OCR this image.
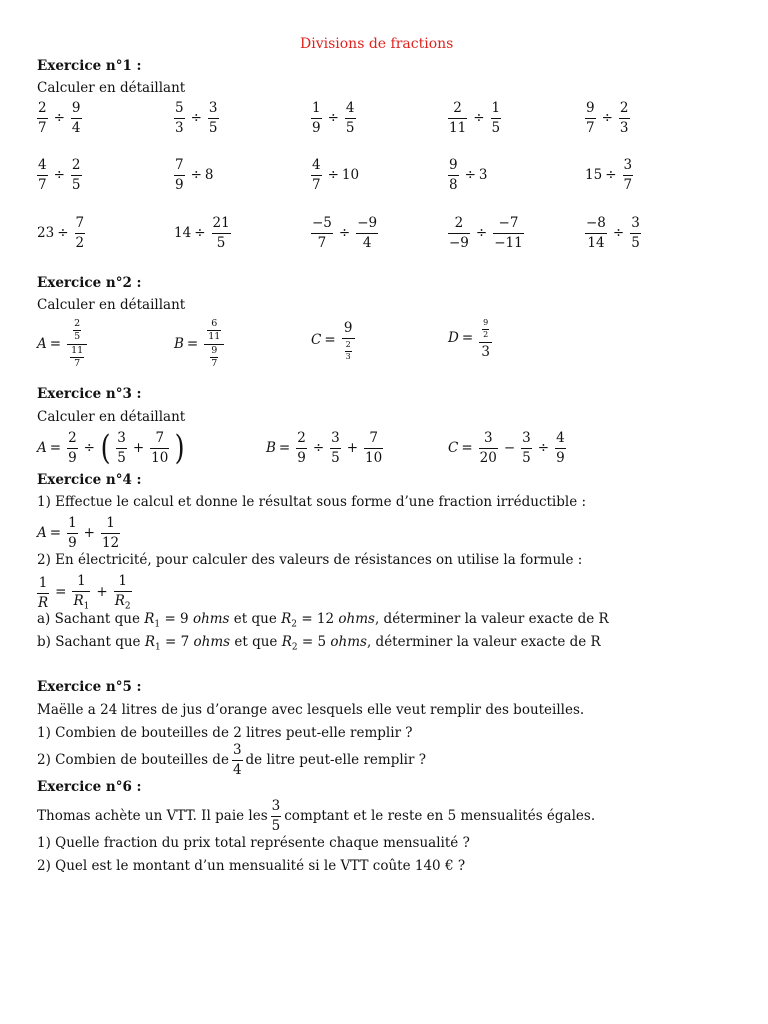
Divisions de fractions
Exercice n°1 :
Calculer en détaillant
$\frac{2}{7} \div \frac{9}{4}$	$\frac{5}{3} \div \frac{3}{5}$	$\frac{1}{9} \div \frac{4}{5}$	$\frac{2}{11} \div \frac{1}{5}$	$\frac{9}{7} \div \frac{2}{3}$
$\frac{4}{7} \div \frac{2}{5}$	$\frac{7}{9} \div 8$	$\frac{4}{7} \div 10$	$\frac{9}{8} \div 3$	$15 \div \frac{3}{7}$
$23 \div \frac{7}{2}$	$14 \div \frac{21}{5}$	$\frac{-5}{7} \div \frac{-9}{4}$	$\frac{2}{-9} \div \frac{-7}{-11}$	$\frac{-8}{14} \div \frac{3}{5}$
Exercice n°2 :
Calculer en détaillant
$A = \frac{\frac{2}{5}}{\frac{11}{7}}$	$B = \frac{\frac{6}{11}}{\frac{9}{7}}$	$C = \frac{9}{\frac{2}{3}}$	$D = \frac{\frac{9}{2}}{3}$
Exercice n°3 :
Calculer en détaillant
$A = \frac{2}{9}$ ÷ ( $\frac{3}{5} + \frac{7}{10}$ )	$B = \frac{2}{9} \div \frac{3}{5} + \frac{7}{10}$	$C = \frac{3}{20} - \frac{3}{5} \div \frac{4}{9}$
Exercice n°4 :
1) Effectue le calcul et donne le résultat sous forme d’une fraction irréductible :
$A = \frac{1}{9} + \frac{1}{12}$
2) En électricité, pour calculer des valeurs de résistances on utilise la formule :
$\frac{1}{R} = \frac{1}{R_1} + \frac{1}{R_2}$
a) Sachant que $R_1 = 9$ ohms et que $R_2 = 12$ ohms, déterminer la valeur exacte de R
b) Sachant que $R_1 = 7$ ohms et que $R_2 = 5$ ohms, déterminer la valeur exacte de R
Exercice n°5 :
Maëlle a 24 litres de jus d’orange avec lesquels elle veut remplir des bouteilles.
1) Combien de bouteilles de 2 litres peut-elle remplir ?
2) Combien de bouteilles de $\frac{3}{4}$ de litre peut-elle remplir ?
Exercice n°6 :
Thomas achète un VTT. Il paie les $\frac{3}{5}$ comptant et le reste en 5 mensualités égales.
1) Quelle fraction du prix total représente chaque mensualité ?
2) Quel est le montant d’un mensualité si le VTT coûte 140 € ?
